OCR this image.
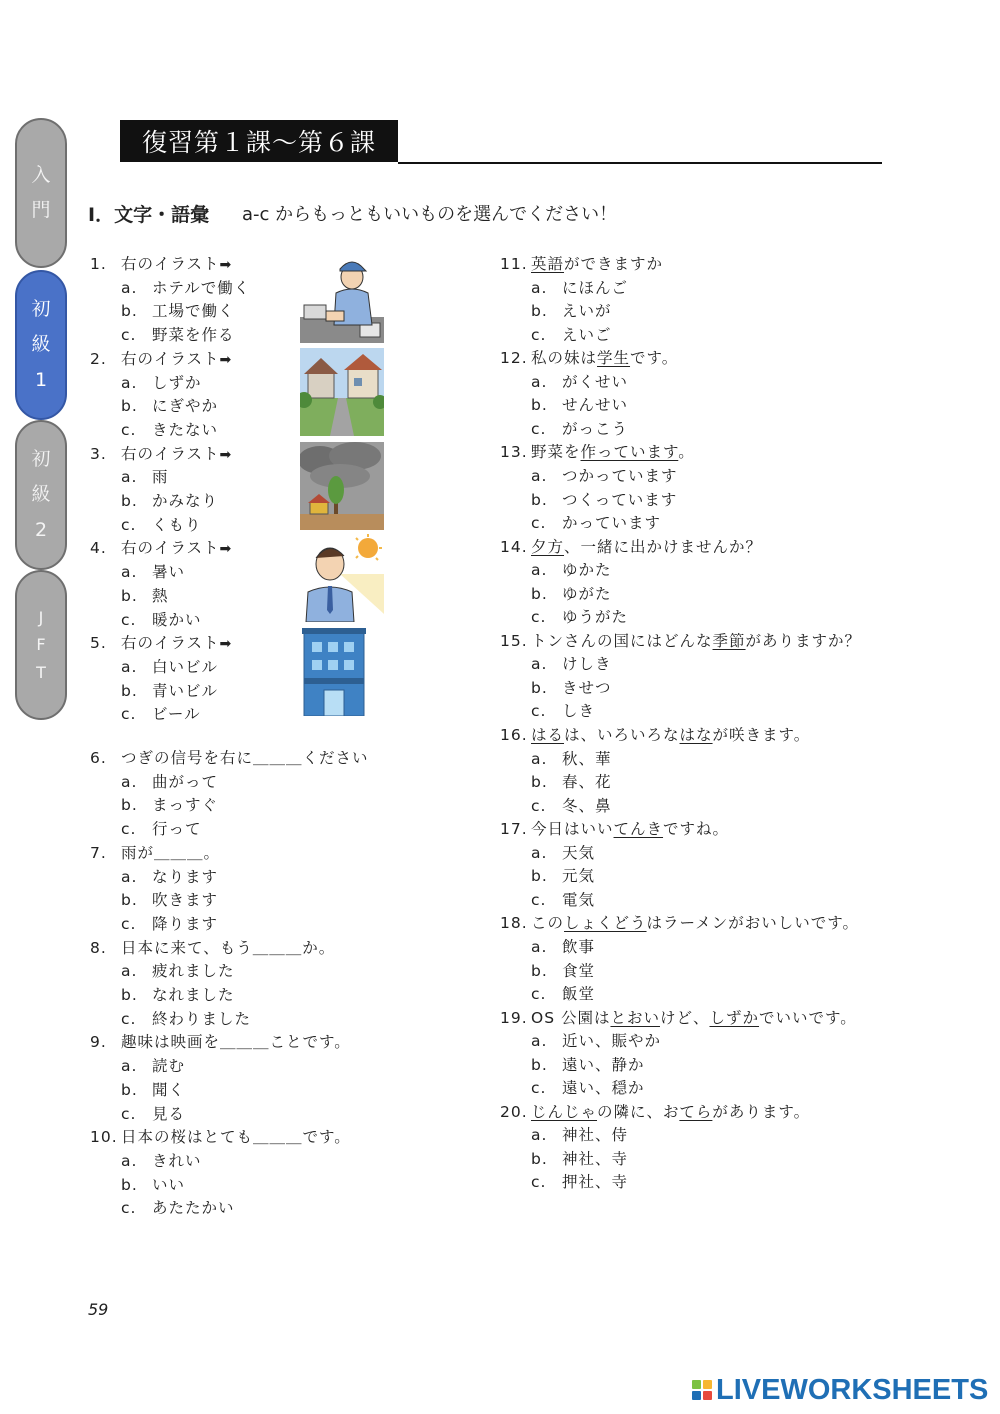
入
門
初
級
1
初
級
2
J
F
T
復習第１課～第６課
Ⅰ．文字・語彙 a-c からもっともいいものを選んでください！
1. 右のイラスト➡
a. ホテルで働く
b. 工場で働く
c. 野菜を作る
2. 右のイラスト➡
a. しずか
b. にぎやか
c. きたない
3. 右のイラスト➡
a. 雨
b. かみなり
c. くもり
4. 右のイラスト➡
a. 暑い
b. 熱
c. 暖かい
5. 右のイラスト➡
a. 白いビル
b. 青いビル
c. ビール
6. つぎの信号を右に＿＿＿ください
a. 曲がって
b. まっすぐ
c. 行って
7. 雨が＿＿＿。
a. なります
b. 吹きます
c. 降ります
8. 日本に来て、もう＿＿＿か。
a. 疲れました
b. なれました
c. 終わりました
9. 趣味は映画を＿＿＿ことです。
a. 読む
b. 聞く
c. 見る
10. 日本の桜はとても＿＿＿です。
a. きれい
b. いい
c. あたたかい
11. 英語ができますか
a. にほんご
b. えいが
c. えいご
12. 私の妹は学生です。
a. がくせい
b. せんせい
c. がっこう
13. 野菜を作っています。
a. つかっています
b. つくっています
c. かっています
14. 夕方、一緒に出かけませんか？
a. ゆかた
b. ゆがた
c. ゆうがた
15. トンさんの国にはどんな季節がありますか？
a. けしき
b. きせつ
c. しき
16. はるは、いろいろなはなが咲きます。
a. 秋、華
b. 春、花
c. 冬、鼻
17. 今日はいいてんきですね。
a. 天気
b. 元気
c. 電気
18. このしょくどうはラーメンがおいしいです。
a. 飲事
b. 食堂
c. 飯堂
19. OS 公園はとおいけど、しずかでいいです。
a. 近い、賑やか
b. 遠い、静か
c. 遠い、穏か
20. じんじゃの隣に、おてらがあります。
a. 神社、侍
b. 神社、寺
c. 押社、寺
59
LIVEWORKSHEETS
